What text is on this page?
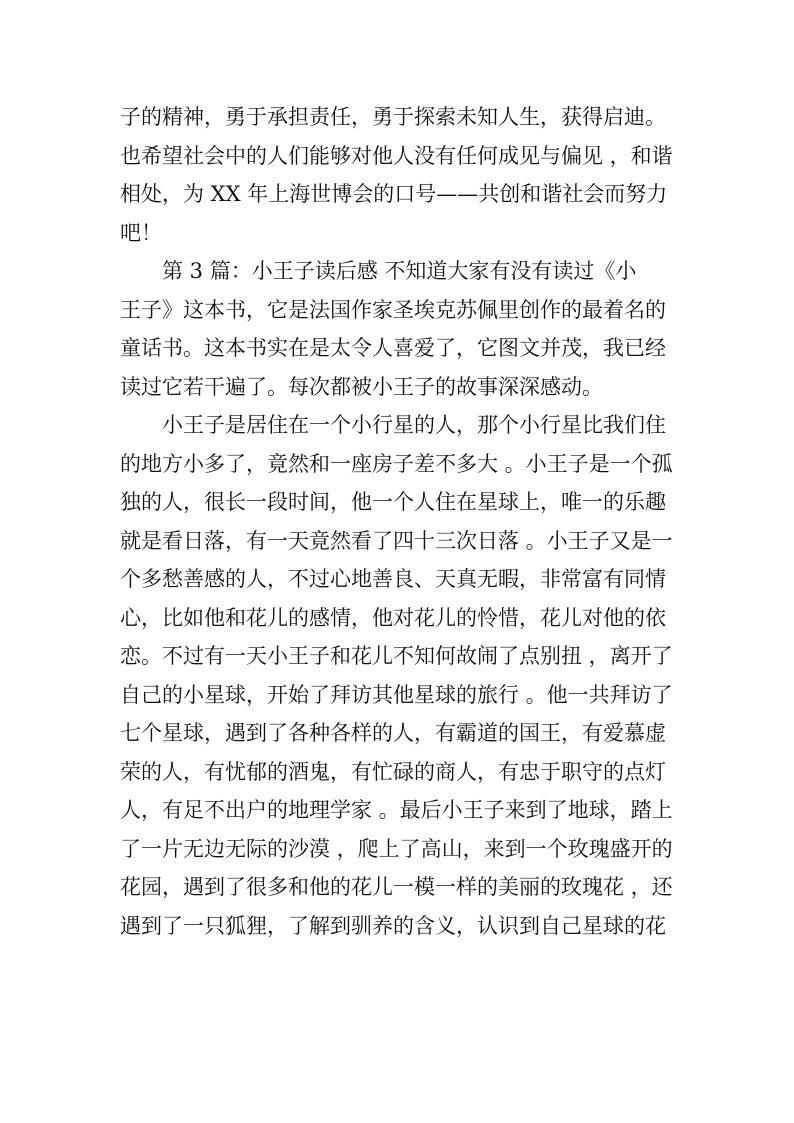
子的精神，勇于承担责任，勇于探索未知人生，获得启迪。
也希望社会中的人们能够对他人没有任何成见与偏见 ，和谐
相处，为 XX 年上海世博会的口号——共创和谐社会而努力
吧！
第 3 篇：小王子读后感 不知道大家有没有读过《小
王子》这本书，它是法国作家圣埃克苏佩里创作的最着名的
童话书。这本书实在是太令人喜爱了，它图文并茂，我已经
读过它若干遍了。每次都被小王子的故事深深感动。
小王子是居住在一个小行星的人，那个小行星比我们住
的地方小多了，竟然和一座房子差不多大 。小王子是一个孤
独的人，很长一段时间，他一个人住在星球上，唯一的乐趣
就是看日落，有一天竟然看了四十三次日落 。小王子又是一
个多愁善感的人，不过心地善良、天真无暇，非常富有同情
心，比如他和花儿的感情，他对花儿的怜惜，花儿对他的依
恋。不过有一天小王子和花儿不知何故闹了点别扭 ，离开了
自己的小星球，开始了拜访其他星球的旅行 。他一共拜访了
七个星球，遇到了各种各样的人，有霸道的国王，有爱慕虚
荣的人，有忧郁的酒鬼，有忙碌的商人，有忠于职守的点灯
人，有足不出户的地理学家 。最后小王子来到了地球，踏上
了一片无边无际的沙漠 ，爬上了高山，来到一个玫瑰盛开的
花园，遇到了很多和他的花儿一模一样的美丽的玫瑰花 ，还
遇到了一只狐狸，了解到驯养的含义，认识到自己星球的花
